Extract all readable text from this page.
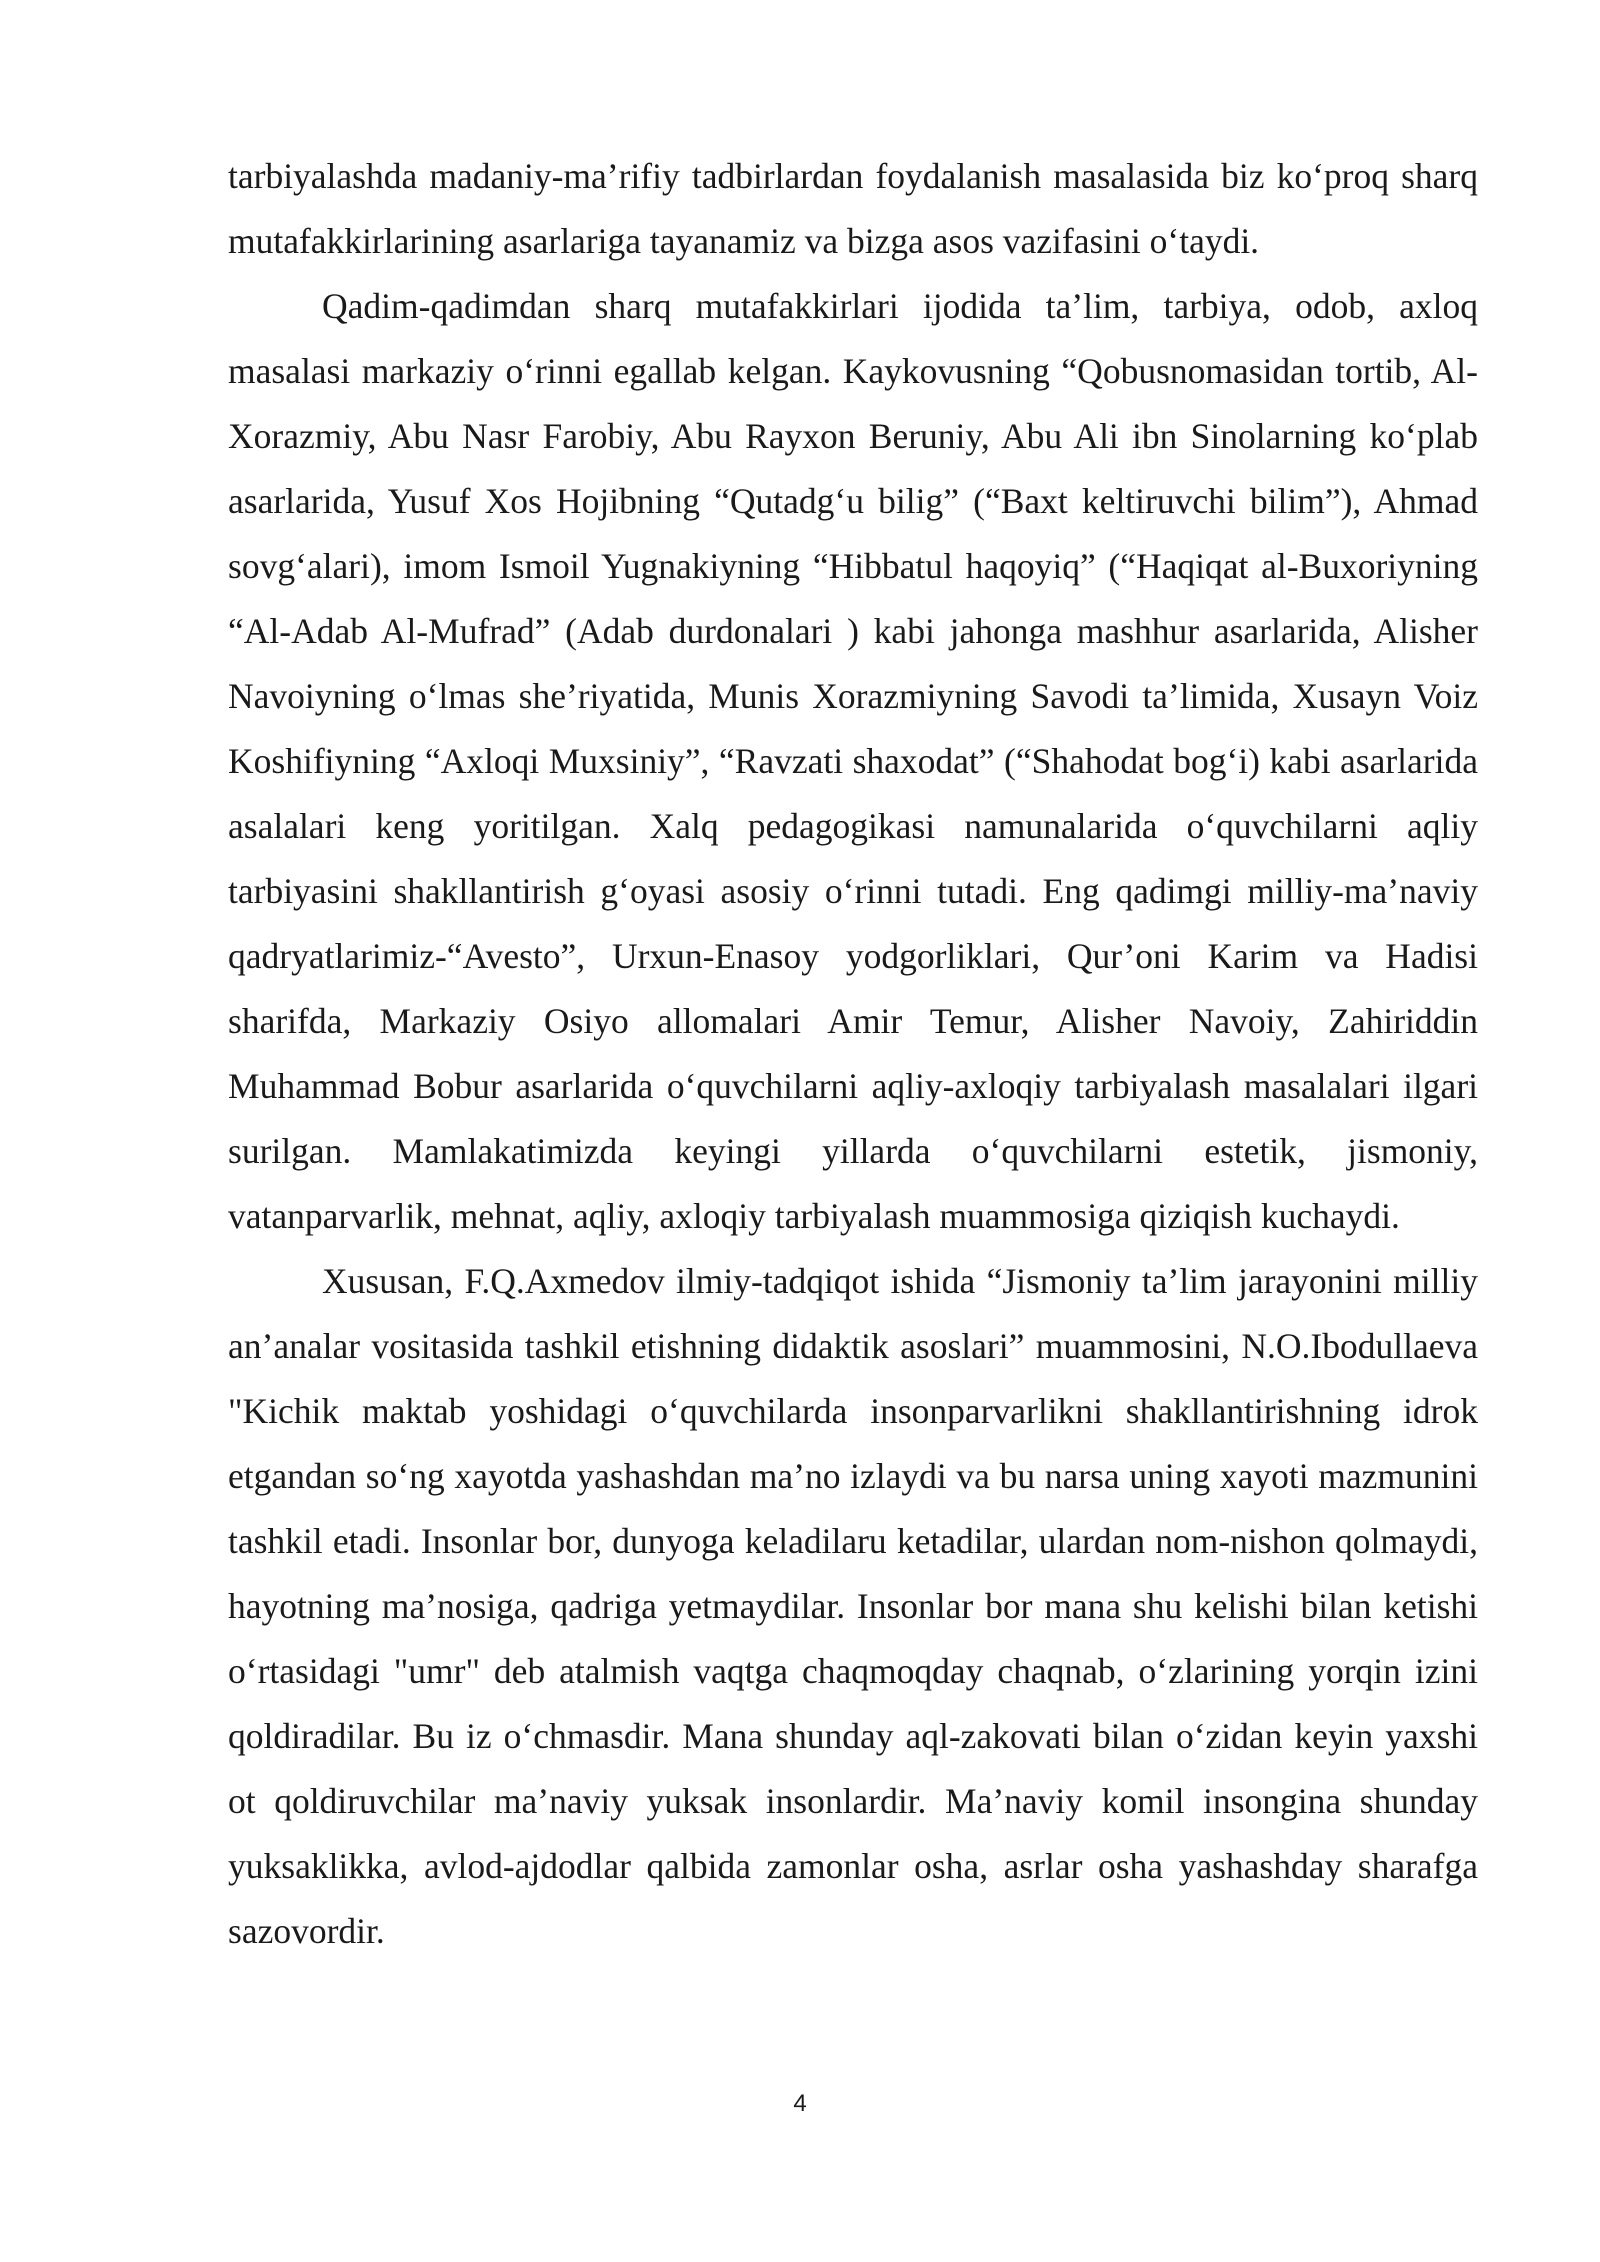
tarbiyalashda madaniy-ma’rifiy tadbirlardan foydalanish masalasida biz ko‘proq sharq mutafakkirlarining asarlariga tayanamiz va bizga asos vazifasini o‘taydi.

Qadim-qadimdan sharq mutafakkirlari ijodida ta’lim, tarbiya, odob, axloq masalasi markaziy o‘rinni egallab kelgan. Kaykovusning “Qobusnomasidan tortib, Al-Xorazmiy, Abu Nasr Farobiy, Abu Rayxon Beruniy, Abu Ali ibn Sinolarning ko‘plab asarlarida, Yusuf Xos Hojibning “Qutadg‘u bilig” (“Baxt keltiruvchi bilim”), Ahmad sovg‘alari), imom Ismoil Yugnakiyning “Hibbatul haqoyiq” (“Haqiqat al-Buxoriyning “Al-Adab Al-Mufrad” (Adab durdonalari ) kabi jahonga mashhur asarlarida, Alisher Navoiyning o‘lmas she’riyatida, Munis Xorazmiyning Savodi ta’limida, Xusayn Voiz Koshifiyning “Axloqi Muxsiniy”, “Ravzati shaxodat” (“Shahodat bog‘i) kabi asarlarida asalalari keng yoritilgan. Xalq pedagogikasi namunalarida o‘quvchilarni aqliy tarbiyasini shakllantirish g‘oyasi asosiy o‘rinni tutadi. Eng qadimgi milliy-ma’naviy qadryatlarimiz-“Avesto”, Urxun-Enasoy yodgorliklari, Qur’oni Karim va Hadisi sharifda, Markaziy Osiyo allomalari Amir Temur, Alisher Navoiy, Zahiriddin Muhammad Bobur asarlarida o‘quvchilarni aqliy-axloqiy tarbiyalash masalalari ilgari surilgan. Mamlakatimizda keyingi yillarda o‘quvchilarni estetik, jismoniy, vatanparvarlik, mehnat, aqliy, axloqiy tarbiyalash muammosiga qiziqish kuchaydi.

Xususan, F.Q.Axmedov ilmiy-tadqiqot ishida “Jismoniy ta’lim jarayonini milliy an’analar vositasida tashkil etishning didaktik asoslari” muammosini, N.O.Ibodullaeva "Kichik maktab yoshidagi o‘quvchilarda insonparvarlikni shakllantirishning idrok etgandan so‘ng xayotda yashashdan ma’no izlaydi va bu narsa uning xayoti mazmunini tashkil etadi. Insonlar bor, dunyoga keladilaru ketadilar, ulardan nom-nishon qolmaydi, hayotning ma’nosiga, qadriga yetmaydilar. Insonlar bor mana shu kelishi bilan ketishi o‘rtasidagi "umr" deb atalmish vaqtga chaqmoqday chaqnab, o‘zlarining yorqin izini qoldiradilar. Bu iz o‘chmasdir. Mana shunday aql-zakovati bilan o‘zidan keyin yaxshi ot qoldiruvchilar ma’naviy yuksak insonlardir. Ma’naviy komil insongina shunday yuksaklikka, avlod-ajdodlar qalbida zamonlar osha, asrlar osha yashashday sharafga sazovordir.

4
